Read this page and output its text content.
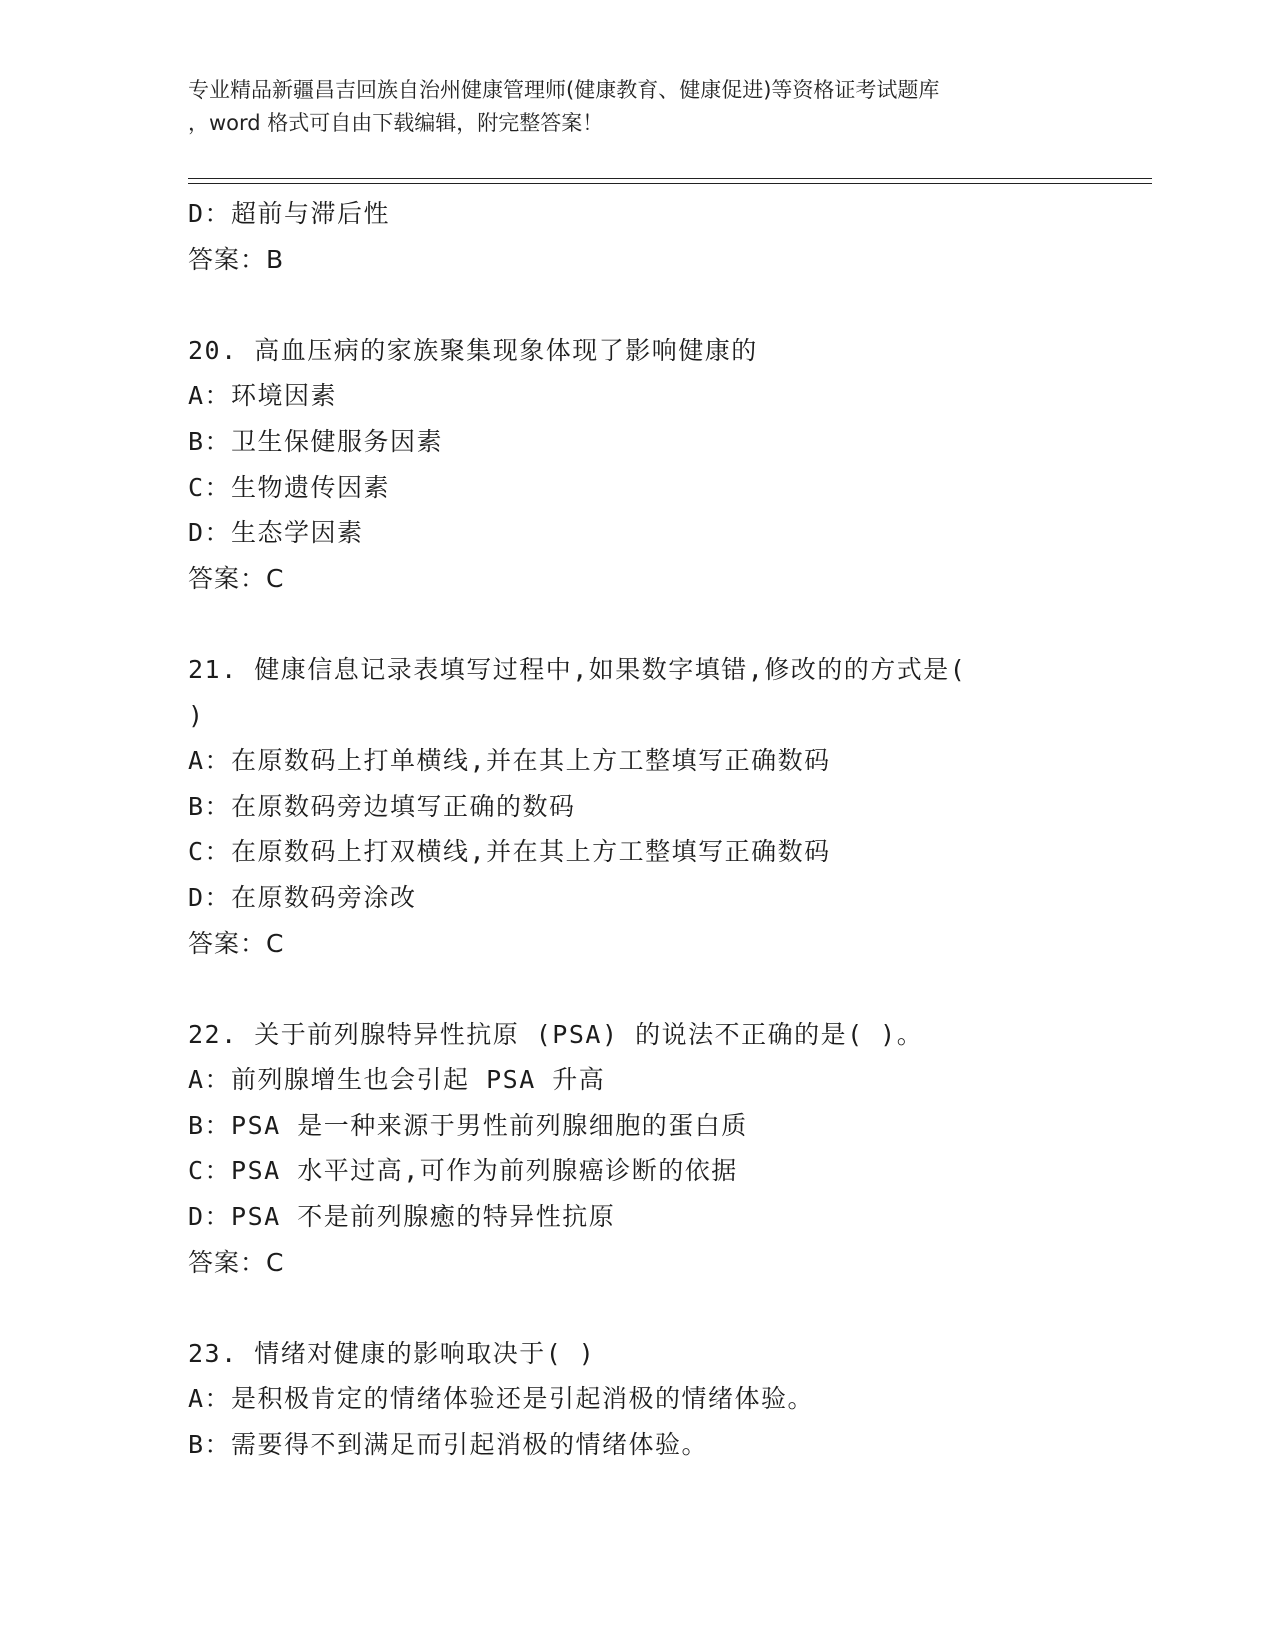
专业精品新疆昌吉回族自治州健康管理师(健康教育、健康促进)等资格证考试题库
，word 格式可自由下载编辑，附完整答案！
D：超前与滞后性
答案：B
20. 高血压病的家族聚集现象体现了影响健康的
A：环境因素
B：卫生保健服务因素
C：生物遗传因素
D：生态学因素
答案：C
21. 健康信息记录表填写过程中,如果数字填错,修改的的方式是(
)
A：在原数码上打单横线,并在其上方工整填写正确数码
B：在原数码旁边填写正确的数码
C：在原数码上打双横线,并在其上方工整填写正确数码
D：在原数码旁涂改
答案：C
22. 关于前列腺特异性抗原 (PSA) 的说法不正确的是( )。
A：前列腺增生也会引起 PSA 升高
B：PSA 是一种来源于男性前列腺细胞的蛋白质
C：PSA 水平过高,可作为前列腺癌诊断的依据
D：PSA 不是前列腺癒的特异性抗原
答案：C
23. 情绪对健康的影响取决于( )
A：是积极肯定的情绪体验还是引起消极的情绪体验。
B：需要得不到满足而引起消极的情绪体验。
